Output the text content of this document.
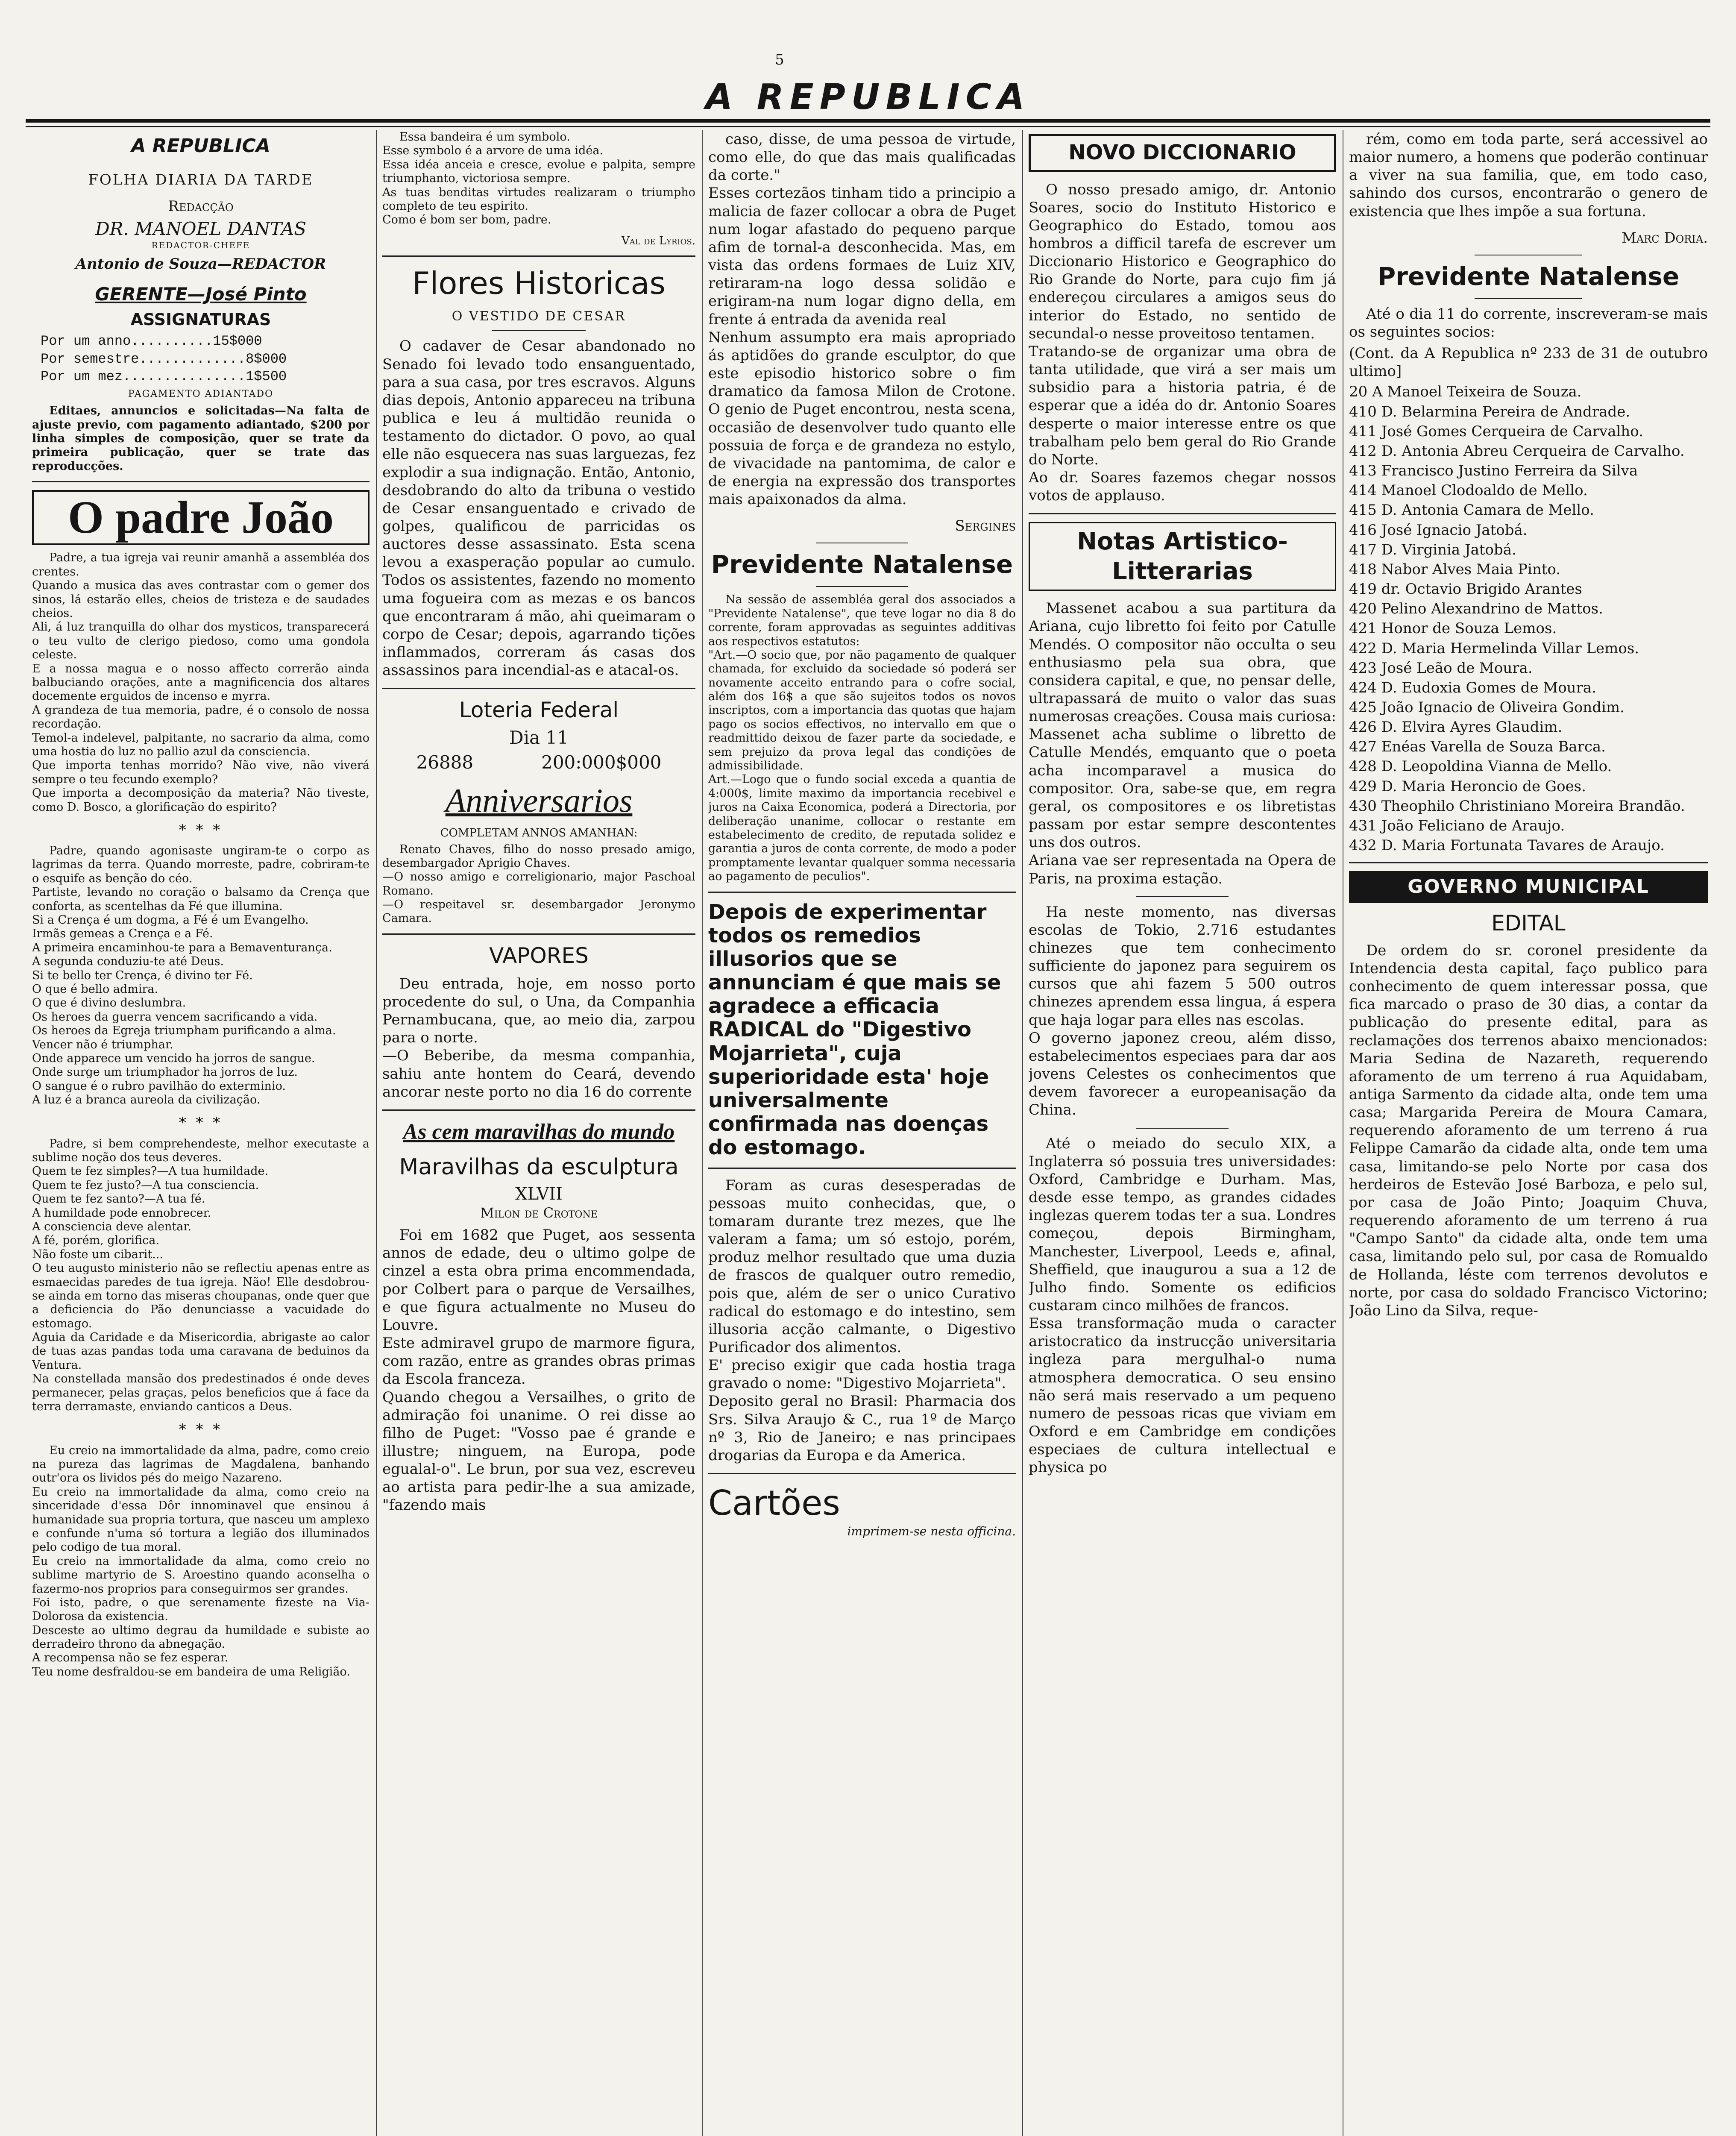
5
A REPUBLICA
A REPUBLICA
FOLHA DIARIA DA TARDE
Redacção
DR. MANOEL DANTAS
REDACTOR-CHEFE
Antonio de Souza—REDACTOR
GERENTE—José Pinto
ASSIGNATURAS
Por um anno..........15$000
Por semestre.............8$000
Por um mez...............1$500
PAGAMENTO ADIANTADO

Editaes, annuncios e solicitadas—Na falta de ajuste previo, com pagamento adiantado, $200 por linha simples de composição, quer se trate da primeira publicação, quer se trate das reproducções.

O padre João

Padre, a tua igreja vai reunir amanhã a assembléa dos crentes.
Quando a musica das aves contrastar com o gemer dos sinos, lá estarão elles, cheios de tristeza e de saudades cheios.
Ali, á luz tranquilla do olhar dos mysticos, transparecerá o teu vulto de clerigo piedoso, como uma gondola celeste.
E a nossa magua e o nosso affecto correrão ainda balbuciando orações, ante a magnificencia dos altares docemente erguidos de incenso e myrra.
A grandeza de tua memoria, padre, é o consolo de nossa recordação.
Temol-a indelevel, palpitante, no sacrario da alma, como uma hostia do luz no pallio azul da consciencia.
Que importa tenhas morrido? Não vive, não viverá sempre o teu fecundo exemplo?
Que importa a decomposição da materia? Não tiveste, como D. Bosco, a glorificação do espirito?

* * *

Padre, quando agonisaste ungiram-te o corpo as lagrimas da terra. Quando morreste, padre, cobriram-te o esquife as benção do céo.
Partiste, levando no coração o balsamo da Crença que conforta, as scentelhas da Fé que illumina.
Si a Crença é um dogma, a Fé é um Evangelho.
Irmãs gemeas a Crença e a Fé.
A primeira encaminhou-te para a Bemaventurança.
A segunda conduziu-te até Deus.
Si te bello ter Crença, é divino ter Fé.
O que é bello admira.
O que é divino deslumbra.
Os heroes da guerra vencem sacrificando a vida.
Os heroes da Egreja triumpham purificando a alma.
Vencer não é triumphar.
Onde apparece um vencido ha jorros de sangue.
Onde surge um triumphador ha jorros de luz.
O sangue é o rubro pavilhão do exterminio.
A luz é a branca aureola da civilização.

* * *

Padre, si bem comprehendeste, melhor executaste a sublime noção dos teus deveres.
Quem te fez simples?—A tua humildade.
Quem te fez justo?—A tua consciencia.
Quem te fez santo?—A tua fé.
A humildade pode ennobrecer.
A consciencia deve alentar.
A fé, porém, glorifica.
Não foste um cibarit...
O teu augusto ministerio não se reflectiu apenas entre as esmaecidas paredes de tua igreja. Não! Elle desdobrou-se ainda em torno das miseras choupanas, onde quer que a deficiencia do Pão denunciasse a vacuidade do estomago.
Aguia da Caridade e da Misericordia, abrigaste ao calor de tuas azas pandas toda uma caravana de beduinos da Ventura.
Na constellada mansão dos predestinados é onde deves permanecer, pelas graças, pelos beneficios que á face da terra derramaste, enviando canticos a Deus.

* * *

Eu creio na immortalidade da alma, padre, como creio na pureza das lagrimas de Magdalena, banhando outr'ora os lividos pés do meigo Nazareno.
Eu creio na immortalidade da alma, como creio na sinceridade d'essa Dôr innominavel que ensinou á humanidade sua propria tortura, que nasceu um amplexo e confunde n'uma só tortura a legião dos illuminados pelo codigo de tua moral.
Eu creio na immortalidade da alma, como creio no sublime martyrio de S. Aroestino quando aconselha o fazermo-nos proprios para conseguirmos ser grandes.
Foi isto, padre, o que serenamente fizeste na Via-Dolorosa da existencia.
Desceste ao ultimo degrau da humildade e subiste ao derradeiro throno da abnegação.
A recompensa não se fez esperar.
Teu nome desfraldou-se em bandeira de uma Religião.

Essa bandeira é um symbolo.
Esse symbolo é a arvore de uma idéa.
Essa idéa anceia e cresce, evolue e palpita, sempre triumphanto, victoriosa sempre.
As tuas benditas virtudes realizaram o triumpho completo de teu espirito.
Como é bom ser bom, padre.

Val de Lyrios.
Flores Historicas
O VESTIDO DE CESAR

O cadaver de Cesar abandonado no Senado foi levado todo ensanguentado, para a sua casa, por tres escravos. Alguns dias depois, Antonio appareceu na tribuna publica e leu á multidão reunida o testamento do dictador. O povo, ao qual elle não esquecera nas suas larguezas, fez explodir a sua indignação. Então, Antonio, desdobrando do alto da tribuna o vestido de Cesar ensanguentado e crivado de golpes, qualificou de parricidas os auctores desse assassinato. Esta scena levou a exasperação popular ao cumulo. Todos os assistentes, fazendo no momento uma fogueira com as mezas e os bancos que encontraram á mão, ahi queimaram o corpo de Cesar; depois, agarrando tições inflammados, correram ás casas dos assassinos para incendial-as e atacal-os.

Loteria Federal
Dia 11
26888	200:000$000
Anniversarios
COMPLETAM ANNOS AMANHAN:

Renato Chaves, filho do nosso presado amigo, desembargador Aprigio Chaves.
—O nosso amigo e correligionario, major Paschoal Romano.
—O respeitavel sr. desembargador Jeronymo Camara.

VAPORES

Deu entrada, hoje, em nosso porto procedente do sul, o Una, da Companhia Pernambucana, que, ao meio dia, zarpou para o norte.
—O Beberibe, da mesma companhia, sahiu ante hontem do Ceará, devendo ancorar neste porto no dia 16 do corrente

As cem maravilhas do mundo
Maravilhas da esculptura
XLVII
Milon de Crotone

Foi em 1682 que Puget, aos sessenta annos de edade, deu o ultimo golpe de cinzel a esta obra prima encommendada, por Colbert para o parque de Versailhes, e que figura actualmente no Museu do Louvre.
Este admiravel grupo de marmore figura, com razão, entre as grandes obras primas da Escola franceza.
Quando chegou a Versailhes, o grito de admiração foi unanime. O rei disse ao filho de Puget: "Vosso pae é grande e illustre; ninguem, na Europa, pode egualal-o". Le brun, por sua vez, escreveu ao artista para pedir-lhe a sua amizade, "fazendo mais

caso, disse, de uma pessoa de virtude, como elle, do que das mais qualificadas da corte."
Esses cortezãos tinham tido a principio a malicia de fazer collocar a obra de Puget num logar afastado do pequeno parque afim de tornal-a desconhecida. Mas, em vista das ordens formaes de Luiz XIV, retiraram-na logo dessa solidão e erigiram-na num logar digno della, em frente á entrada da avenida real
Nenhum assumpto era mais apropriado ás aptidões do grande esculptor, do que este episodio historico sobre o fim dramatico da famosa Milon de Crotone. O genio de Puget encontrou, nesta scena, occasião de desenvolver tudo quanto elle possuia de força e de grandeza no estylo, de vivacidade na pantomima, de calor e de energia na expressão dos transportes mais apaixonados da alma.

Sergines
Previdente Natalense

Na sessão de assembléa geral dos associados a "Previdente Natalense", que teve logar no dia 8 do corrente, foram approvadas as seguintes additivas aos respectivos estatutos:
"Art.—O socio que, por não pagamento de qualquer chamada, for excluido da sociedade só poderá ser novamente acceito entrando para o cofre social, além dos 16$ a que são sujeitos todos os novos inscriptos, com a importancia das quotas que hajam pago os socios effectivos, no intervallo em que o readmittido deixou de fazer parte da sociedade, e sem prejuizo da prova legal das condições de admissibilidade.
Art.—Logo que o fundo social exceda a quantia de 4:000$, limite maximo da importancia recebivel e juros na Caixa Economica, poderá a Directoria, por deliberação unanime, collocar o restante em estabelecimento de credito, de reputada solidez e garantia a juros de conta corrente, de modo a poder promptamente levantar qualquer somma necessaria ao pagamento de peculios".

Depois de experimentar todos os remedios illusorios que se annunciam é que mais se agradece a efficacia RADICAL do "Digestivo Mojarrieta", cuja superioridade esta' hoje universalmente confirmada nas doenças do estomago.

Foram as curas desesperadas de pessoas muito conhecidas, que, o tomaram durante trez mezes, que lhe valeram a fama; um só estojo, porém, produz melhor resultado que uma duzia de frascos de qualquer outro remedio, pois que, além de ser o unico Curativo radical do estomago e do intestino, sem illusoria acção calmante, o Digestivo Purificador dos alimentos.
E' preciso exigir que cada hostia traga gravado o nome: "Digestivo Mojarrieta".
Deposito geral no Brasil: Pharmacia dos Srs. Silva Araujo & C., rua 1º de Março nº 3, Rio de Janeiro; e nas principaes drogarias da Europa e da America.

Cartões
imprimem-se nesta officina.
NOVO DICCIONARIO

O nosso presado amigo, dr. Antonio Soares, socio do Instituto Historico e Geographico do Estado, tomou aos hombros a difficil tarefa de escrever um Diccionario Historico e Geographico do Rio Grande do Norte, para cujo fim já endereçou circulares a amigos seus do interior do Estado, no sentido de secundal-o nesse proveitoso tentamen.
Tratando-se de organizar uma obra de tanta utilidade, que virá a ser mais um subsidio para a historia patria, é de esperar que a idéa do dr. Antonio Soares desperte o maior interesse entre os que trabalham pelo bem geral do Rio Grande do Norte.
Ao dr. Soares fazemos chegar nossos votos de applauso.

Notas Artistico-Litterarias

Massenet acabou a sua partitura da Ariana, cujo libretto foi feito por Catulle Mendés. O compositor não occulta o seu enthusiasmo pela sua obra, que considera capital, e que, no pensar delle, ultrapassará de muito o valor das suas numerosas creações. Cousa mais curiosa: Massenet acha sublime o libretto de Catulle Mendés, emquanto que o poeta acha incomparavel a musica do compositor. Ora, sabe-se que, em regra geral, os compositores e os libretistas passam por estar sempre descontentes uns dos outros.
Ariana vae ser representada na Opera de Paris, na proxima estação.

Ha neste momento, nas diversas escolas de Tokio, 2.716 estudantes chinezes que tem conhecimento sufficiente do japonez para seguirem os cursos que ahi fazem 5 500 outros chinezes aprendem essa lingua, á espera que haja logar para elles nas escolas.
O governo japonez creou, além disso, estabelecimentos especiaes para dar aos jovens Celestes os conhecimentos que devem favorecer a europeanisação da China.

Até o meiado do seculo XIX, a Inglaterra só possuia tres universidades: Oxford, Cambridge e Durham. Mas, desde esse tempo, as grandes cidades inglezas querem todas ter a sua. Londres começou, depois Birmingham, Manchester, Liverpool, Leeds e, afinal, Sheffield, que inaugurou a sua a 12 de Julho findo. Somente os edificios custaram cinco milhões de francos.
Essa transformação muda o caracter aristocratico da instrucção universitaria ingleza para mergulhal-o numa atmosphera democratica. O seu ensino não será mais reservado a um pequeno numero de pessoas ricas que viviam em Oxford e em Cambridge em condições especiaes de cultura intellectual e physica po

rém, como em toda parte, será accessivel ao maior numero, a homens que poderão continuar a viver na sua familia, que, em todo caso, sahindo dos cursos, encontrarão o genero de existencia que lhes impõe a sua fortuna.

Marc Doria.
Previdente Natalense

Até o dia 11 do corrente, inscreveram-se mais os seguintes socios:

(Cont. da A Republica nº 233 de 31 de outubro ultimo]

20 A Manoel Teixeira de Souza.
410 D. Belarmina Pereira de Andrade.
411 José Gomes Cerqueira de Carvalho.
412 D. Antonia Abreu Cerqueira de Carvalho.
413 Francisco Justino Ferreira da Silva
414 Manoel Clodoaldo de Mello.
415 D. Antonia Camara de Mello.
416 José Ignacio Jatobá.
417 D. Virginia Jatobá.
418 Nabor Alves Maia Pinto.
419 dr. Octavio Brigido Arantes
420 Pelino Alexandrino de Mattos.
421 Honor de Souza Lemos.
422 D. Maria Hermelinda Villar Lemos.
423 José Leão de Moura.
424 D. Eudoxia Gomes de Moura.
425 João Ignacio de Oliveira Gondim.
426 D. Elvira Ayres Glaudim.
427 Enéas Varella de Souza Barca.
428 D. Leopoldina Vianna de Mello.
429 D. Maria Heroncio de Goes.
430 Theophilo Christiniano Moreira Brandão.
431 João Feliciano de Araujo.
432 D. Maria Fortunata Tavares de Araujo.
GOVERNO MUNICIPAL
EDITAL

De ordem do sr. coronel presidente da Intendencia desta capital, faço publico para conhecimento de quem interessar possa, que fica marcado o praso de 30 dias, a contar da publicação do presente edital, para as reclamações dos terrenos abaixo mencionados: Maria Sedina de Nazareth, requerendo aforamento de um terreno á rua Aquidabam, antiga Sarmento da cidade alta, onde tem uma casa; Margarida Pereira de Moura Camara, requerendo aforamento de um terreno á rua Felippe Camarão da cidade alta, onde tem uma casa, limitando-se pelo Norte por casa dos herdeiros de Estevão José Barboza, e pelo sul, por casa de João Pinto; Joaquim Chuva, requerendo aforamento de um terreno á rua "Campo Santo" da cidade alta, onde tem uma casa, limitando pelo sul, por casa de Romualdo de Hollanda, léste com terrenos devolutos e norte, por casa do soldado Francisco Victorino; João Lino da Silva, reque-
